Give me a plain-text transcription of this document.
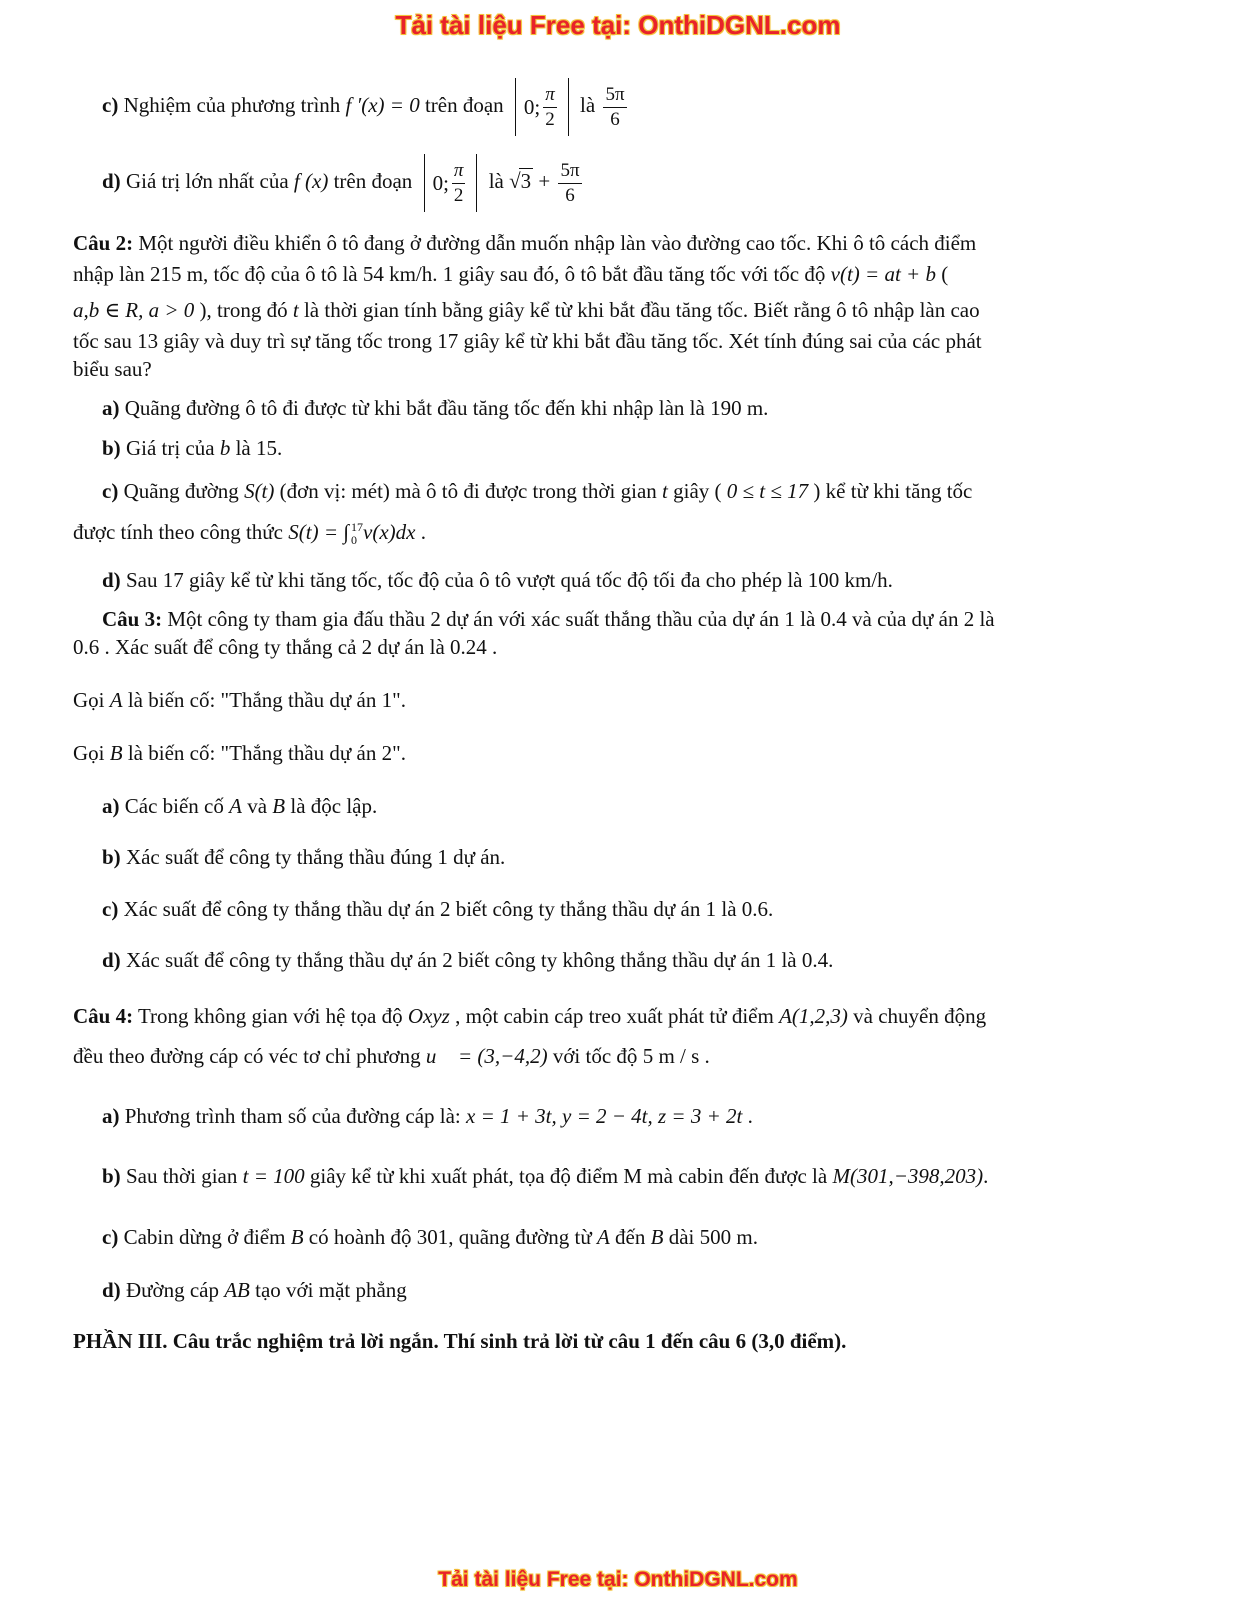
Tải tài liệu Free tại: OnthiDGNL.com
c) Nghiệm của phương trình f ′(x) = 0 trên đoạn 0; $\frac{\pi}{2}$ là $\frac{5\pi}{6}$
d) Giá trị lớn nhất của f (x) trên đoạn 0; $\frac{\pi}{2}$ là $√3 + \frac{5\pi}{6}$
Câu 2: Một người điều khiển ô tô đang ở đường dẫn muốn nhập làn vào đường cao tốc. Khi ô tô cách điểm
nhập làn 215 m, tốc độ của ô tô là 54 km/h. 1 giây sau đó, ô tô bắt đầu tăng tốc với tốc độ v(t) = at + b (
a,b ∈ R, a > 0 ), trong đó t là thời gian tính bằng giây kể từ khi bắt đầu tăng tốc. Biết rằng ô tô nhập làn cao
tốc sau 13 giây và duy trì sự tăng tốc trong 17 giây kể từ khi bắt đầu tăng tốc. Xét tính đúng sai của các phát
biểu sau?
a) Quãng đường ô tô đi được từ khi bắt đầu tăng tốc đến khi nhập làn là 190 m.
b) Giá trị của b là 15.
c) Quãng đường S(t) (đơn vị: mét) mà ô tô đi được trong thời gian t giây ( 0 ≤ t ≤ 17 ) kể từ khi tăng tốc
được tính theo công thức S(t) = ∫ 17
0 v(x)dx .
d) Sau 17 giây kể từ khi tăng tốc, tốc độ của ô tô vượt quá tốc độ tối đa cho phép là 100 km/h.
Câu 3: Một công ty tham gia đấu thầu 2 dự án với xác suất thắng thầu của dự án 1 là 0.4 và của dự án 2 là
0.6 . Xác suất để công ty thắng cả 2 dự án là 0.24 .
Gọi A là biến cố: "Thắng thầu dự án 1".
Gọi B là biến cố: "Thắng thầu dự án 2".
a) Các biến cố A và B là độc lập.
b) Xác suất để công ty thắng thầu đúng 1 dự án.
c) Xác suất để công ty thắng thầu dự án 2 biết công ty thắng thầu dự án 1 là 0.6.
d) Xác suất để công ty thắng thầu dự án 2 biết công ty không thắng thầu dự án 1 là 0.4.
Câu 4: Trong không gian với hệ tọa độ Oxyz , một cabin cáp treo xuất phát tử điểm A(1,2,3) và chuyển động
đều theo đường cáp có véc tơ chỉ phương u⃗ = (3,−4,2) với tốc độ 5 m / s .
a) Phương trình tham số của đường cáp là: x = 1 + 3t, y = 2 − 4t, z = 3 + 2t .
b) Sau thời gian t = 100 giây kể từ khi xuất phát, tọa độ điểm M mà cabin đến được là M(301,−398,203).
c) Cabin dừng ở điểm B có hoành độ 301, quãng đường từ A đến B dài 500 m.
d) Đường cáp AB tạo với mặt phẳng
PHẦN III. Câu trắc nghiệm trả lời ngắn. Thí sinh trả lời từ câu 1 đến câu 6 (3,0 điểm).
Tải tài liệu Free tại: OnthiDGNL.com
